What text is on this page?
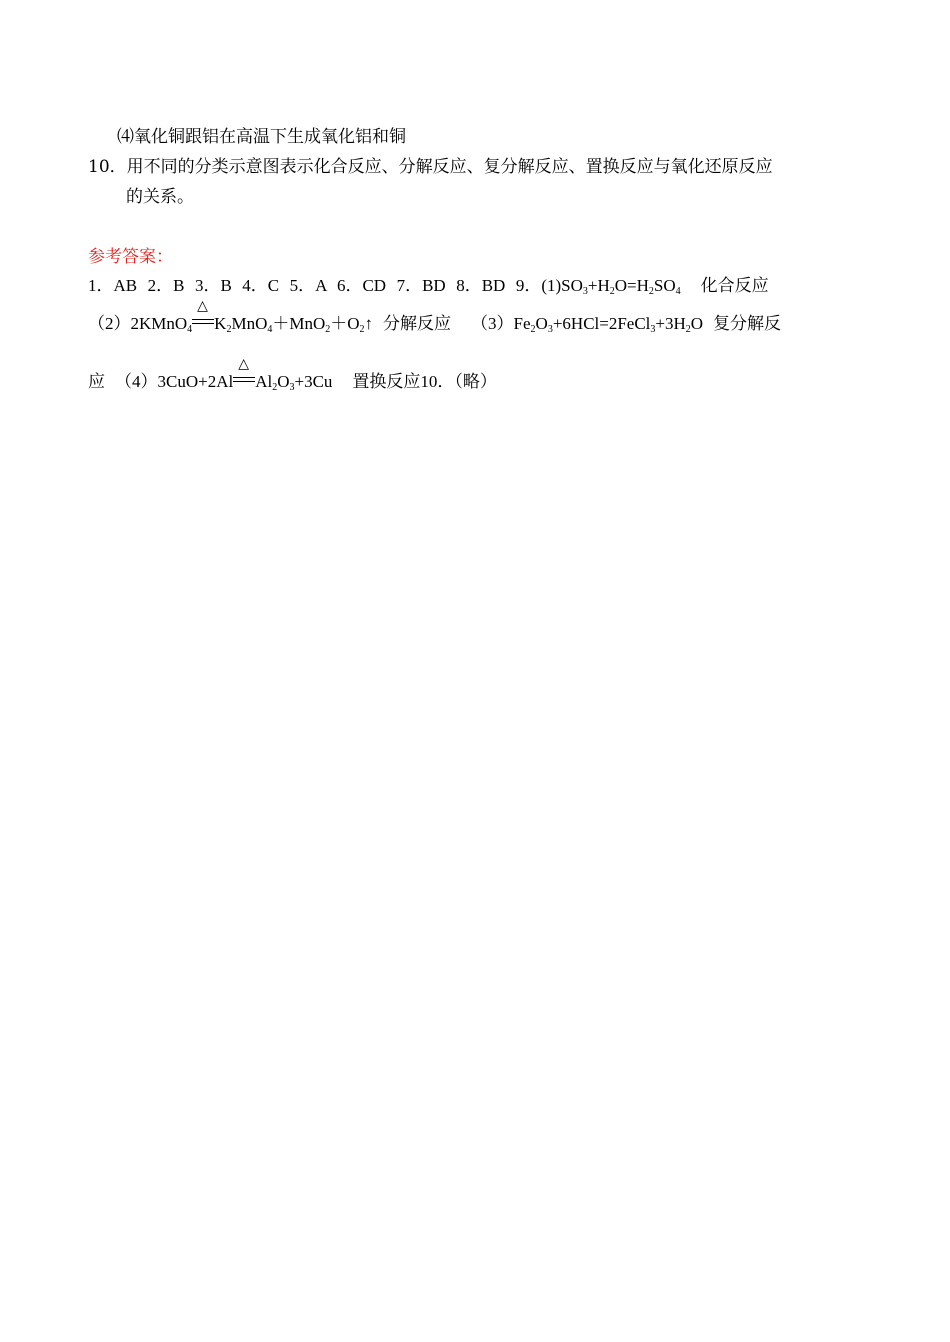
⑷氧化铜跟铝在高温下生成氧化铝和铜
10．用不同的分类示意图表示化合反应、分解反应、复分解反应、置换反应与氧化还原反应
的关系。
参考答案：
1．AB  2．B  3．B  4．C  5．A  6．CD  7．BD  8．BD  9．$(1)SO_3+H_2O=H_2SO_4$ 化合反应
（2）2KMnO$_4$
△
$K_2MnO_4+MnO_2+O_2↑$ 分解反应 $(3)Fe_2O_3+6HCl=2FeCl_3+3H_2O$ 复分解反
应 （4）3CuO+2Al
△
$Al_2O_3+3Cu$ 置换反应10．（略）
